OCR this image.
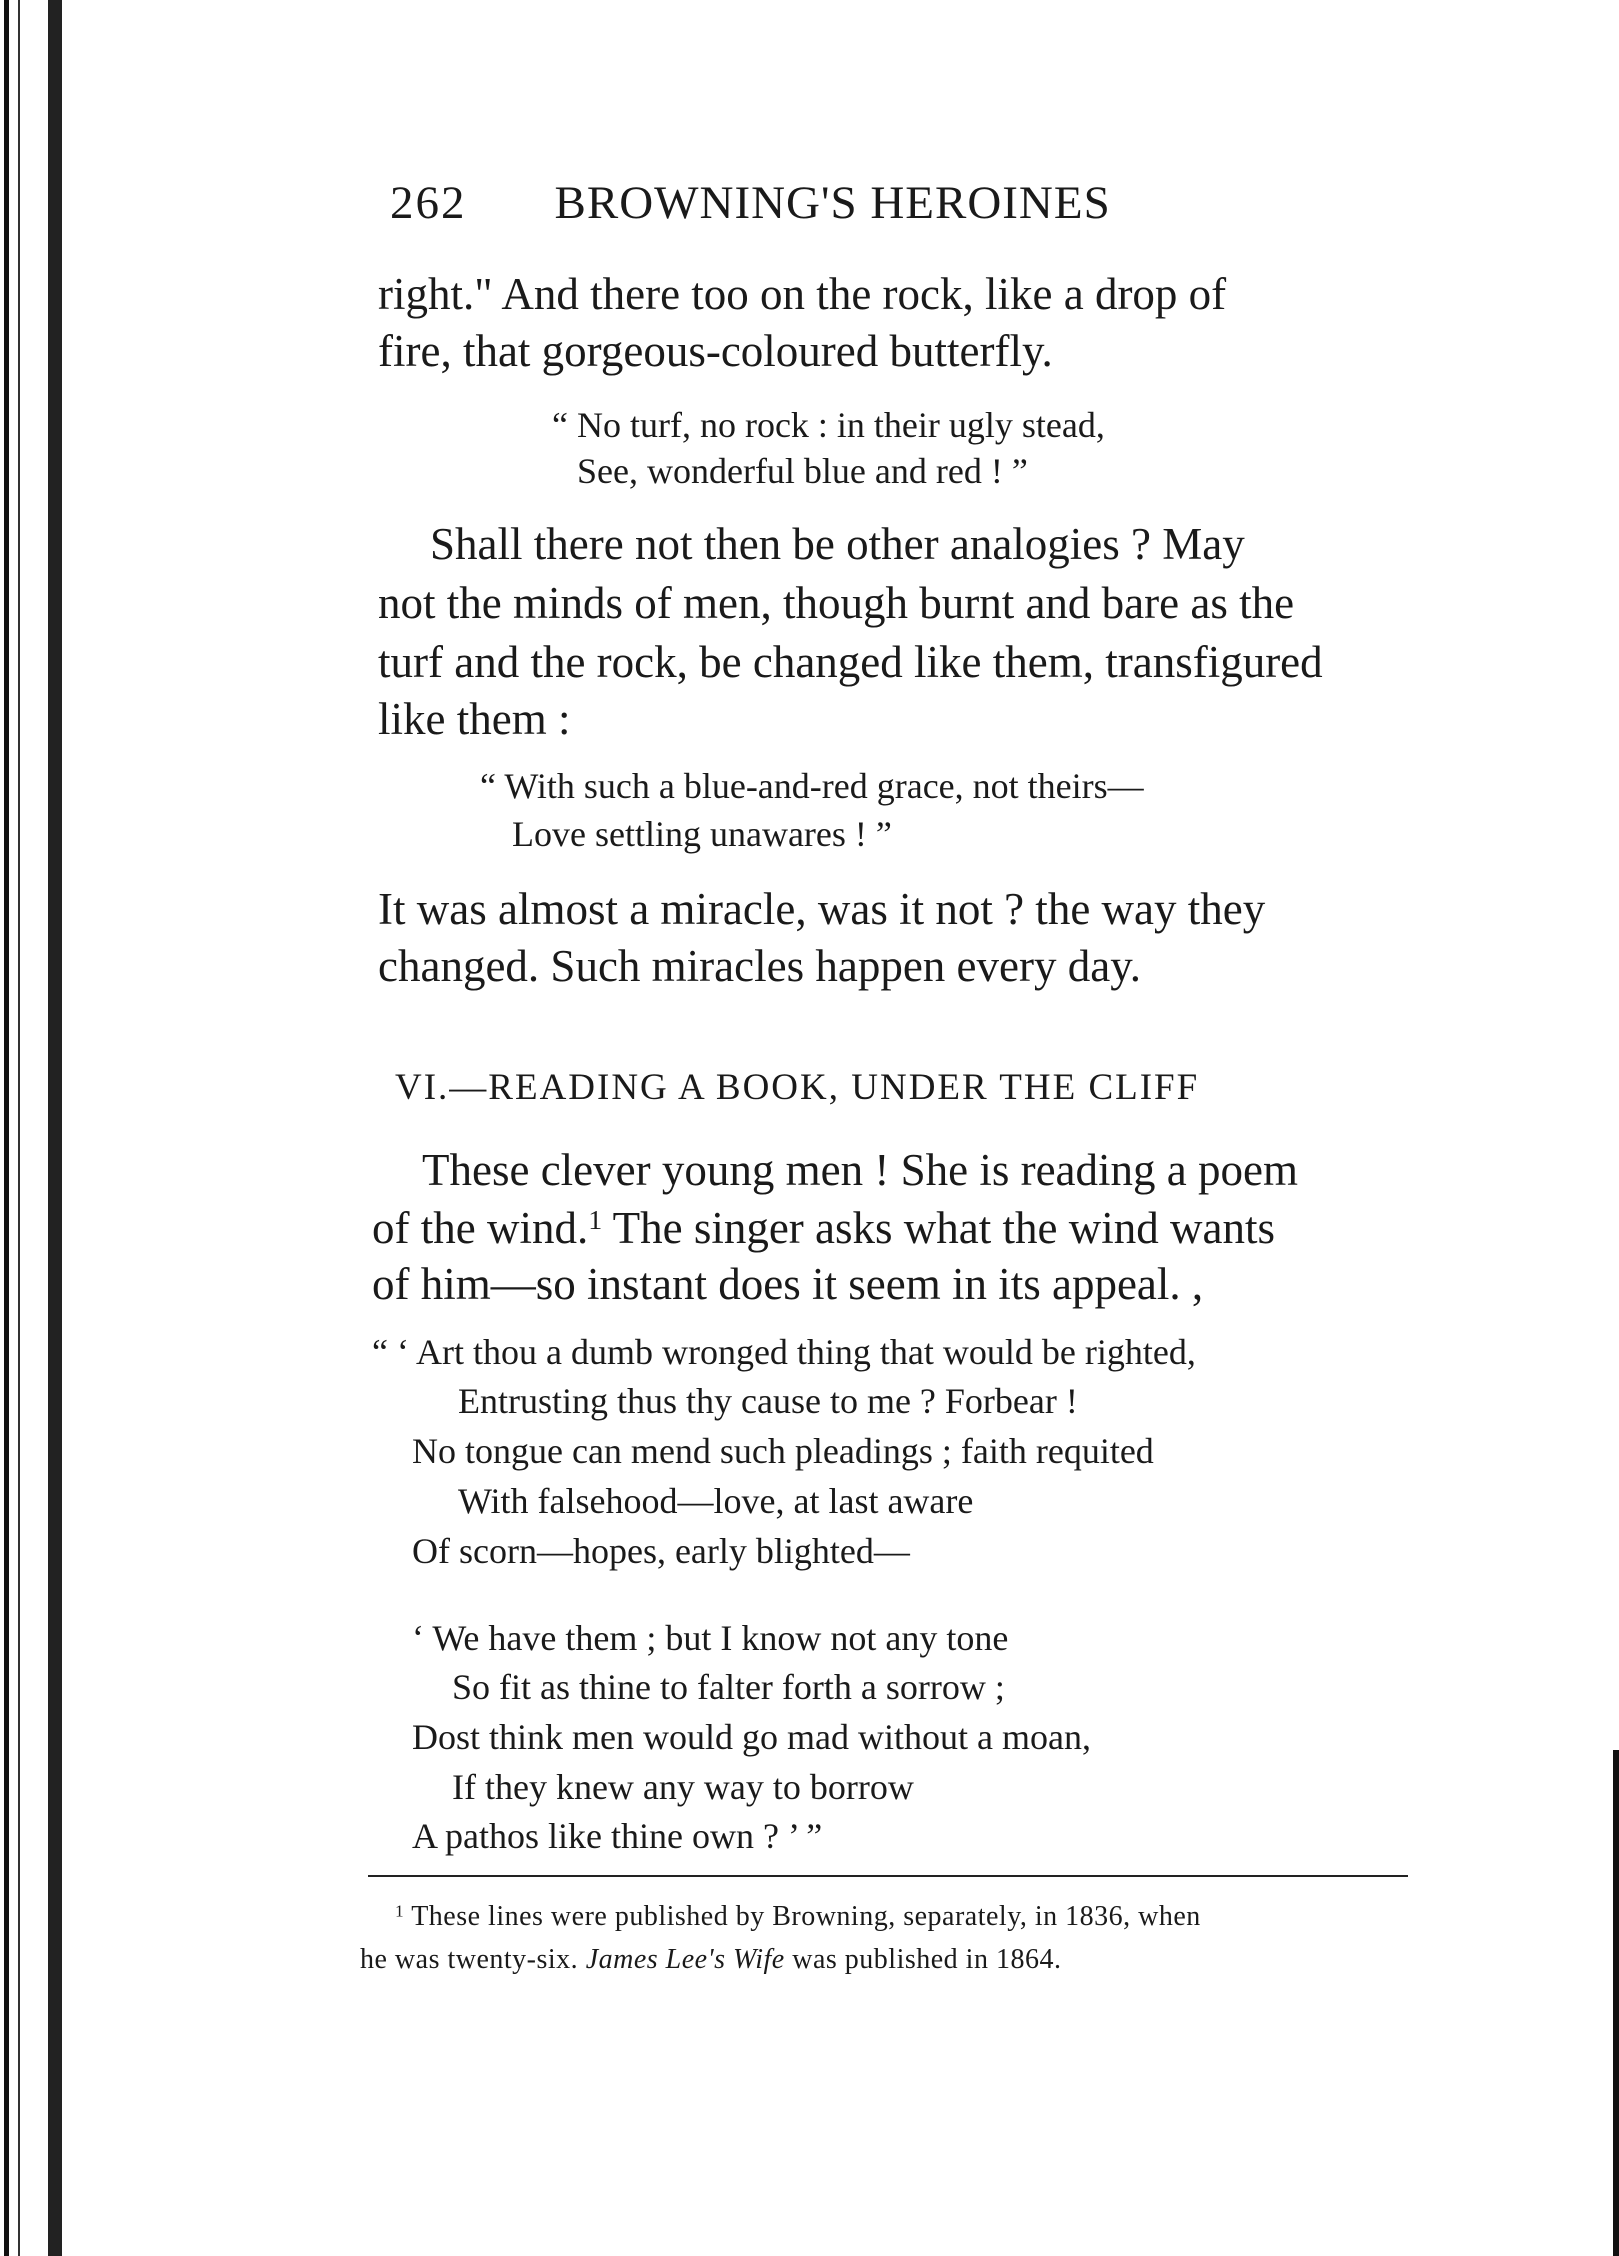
262 BROWNING'S HEROINES

right." And there too on the rock, like a drop of

fire, that gorgeous-coloured butterfly.

“ No turf, no rock : in their ugly stead,

See, wonderful blue and red ! ”

Shall there not then be other analogies ? May

not the minds of men, though burnt and bare as the

turf and the rock, be changed like them, transfigured

like them :

“ With such a blue-and-red grace, not theirs—

Love settling unawares ! ”

It was almost a miracle, was it not ? the way they

changed. Such miracles happen every day.

VI.—READING A BOOK, UNDER THE CLIFF

These clever young men ! She is reading a poem

of the wind.$^1$ The singer asks what the wind wants

of him—so instant does it seem in its appeal. ,

“ ‘ Art thou a dumb wronged thing that would be righted,

Entrusting thus thy cause to me ? Forbear !

No tongue can mend such pleadings ; faith requited

With falsehood—love, at last aware

Of scorn—hopes, early blighted—

‘ We have them ; but I know not any tone

So fit as thine to falter forth a sorrow ;

Dost think men would go mad without a moan,

If they knew any way to borrow

A pathos like thine own ? ’ ”

$^1$ These lines were published by Browning, separately, in 1836, when

he was twenty-six. James Lee's Wife was published in 1864.
